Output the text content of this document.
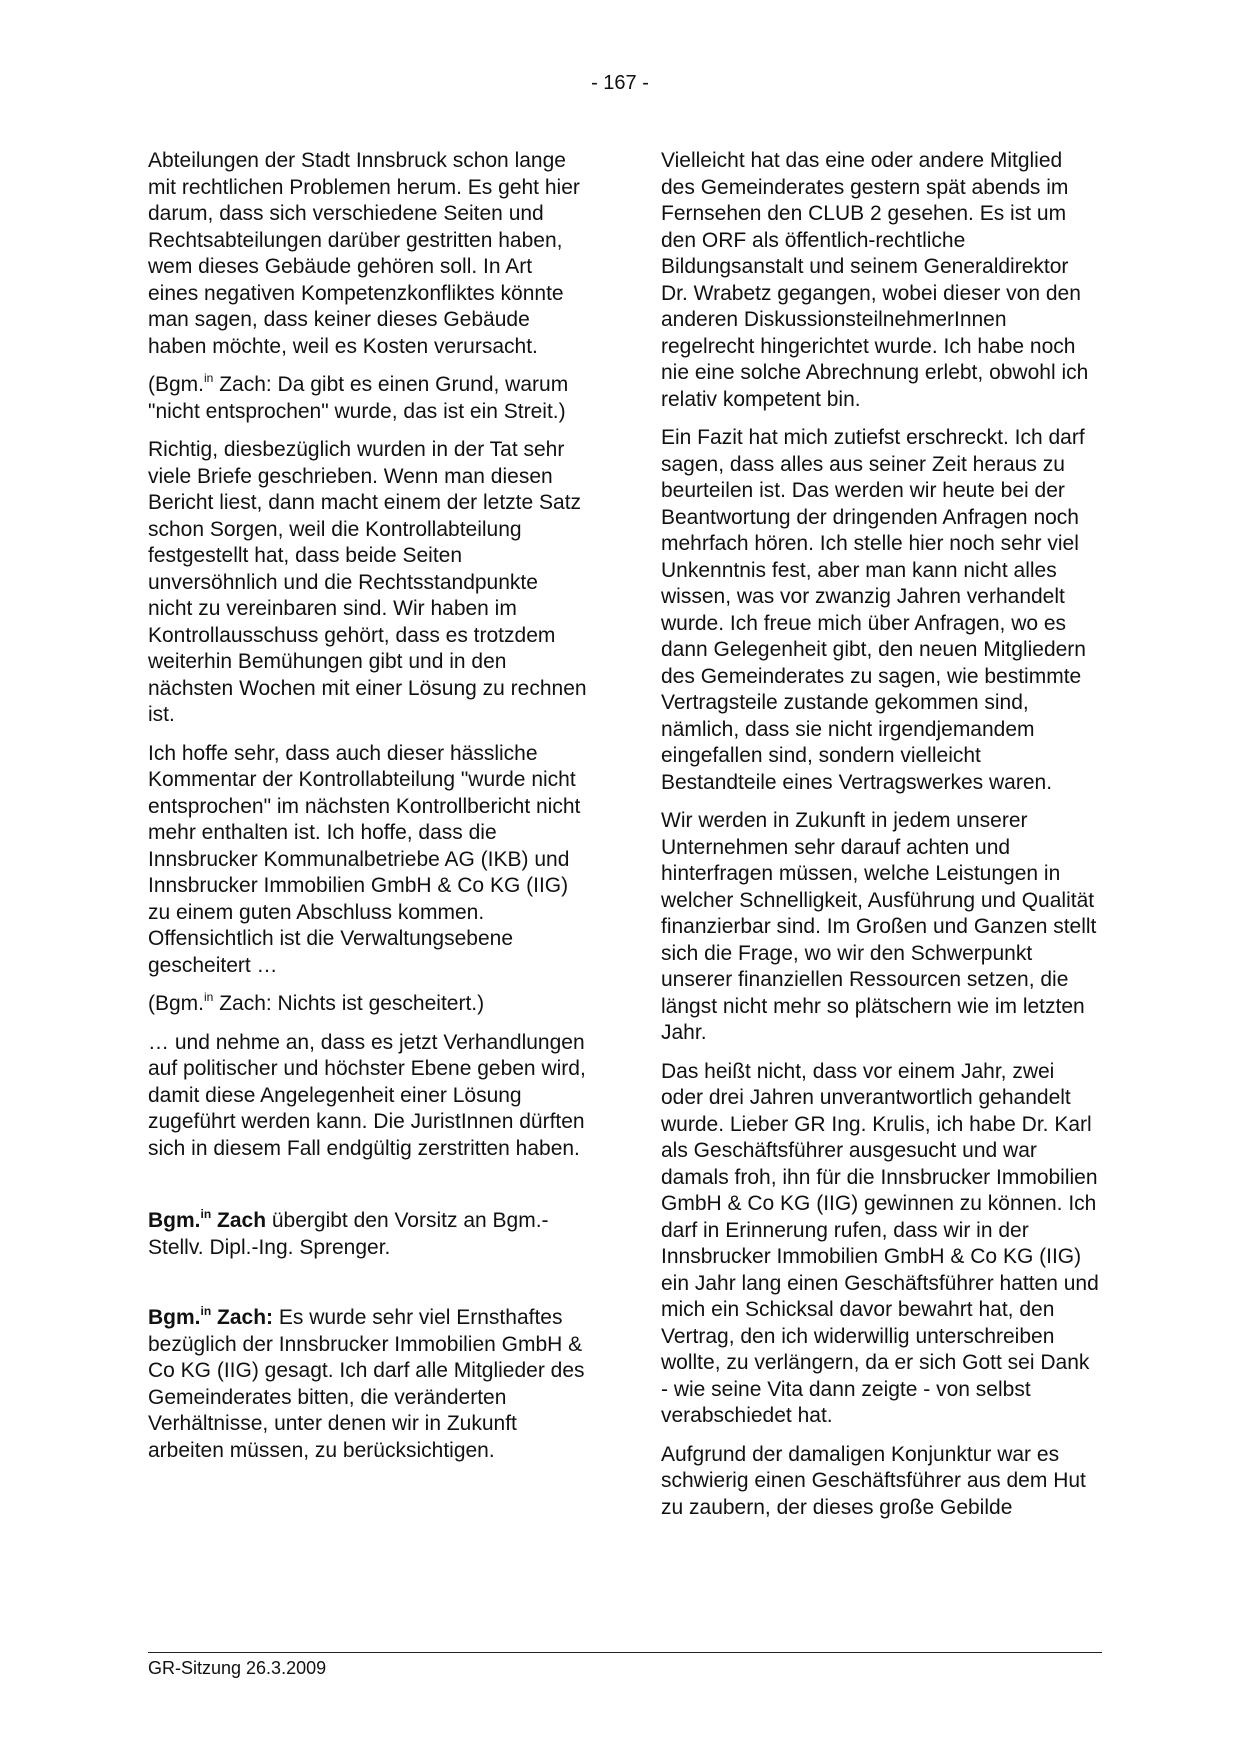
- 167 -

Abteilungen der Stadt Innsbruck schon lange mit rechtlichen Problemen herum. Es geht hier darum, dass sich verschiedene Seiten und Rechtsabteilungen darüber gestritten haben, wem dieses Gebäude gehören soll. In Art eines negativen Kompetenzkonfliktes könnte man sagen, dass keiner dieses Gebäude haben möchte, weil es Kosten verursacht.

(Bgm.$^{in}$ Zach: Da gibt es einen Grund, warum "nicht entsprochen" wurde, das ist ein Streit.)

Richtig, diesbezüglich wurden in der Tat sehr viele Briefe geschrieben. Wenn man diesen Bericht liest, dann macht einem der letzte Satz schon Sorgen, weil die Kontrollabteilung festgestellt hat, dass beide Seiten unversöhnlich und die Rechtsstandpunkte nicht zu vereinbaren sind. Wir haben im Kontrollausschuss gehört, dass es trotzdem weiterhin Bemühungen gibt und in den nächsten Wochen mit einer Lösung zu rechnen ist.

Ich hoffe sehr, dass auch dieser hässliche Kommentar der Kontrollabteilung "wurde nicht entsprochen" im nächsten Kontrollbericht nicht mehr enthalten ist. Ich hoffe, dass die Innsbrucker Kommunalbetriebe AG (IKB) und Innsbrucker Immobilien GmbH & Co KG (IIG) zu einem guten Abschluss kommen. Offensichtlich ist die Verwaltungsebene gescheitert …

(Bgm.$^{in}$ Zach: Nichts ist gescheitert.)

… und nehme an, dass es jetzt Verhandlungen auf politischer und höchster Ebene geben wird, damit diese Angelegenheit einer Lösung zugeführt werden kann. Die JuristInnen dürften sich in diesem Fall endgültig zerstritten haben.

Bgm.$^{in}$ Zach übergibt den Vorsitz an Bgm.-Stellv. Dipl.-Ing. Sprenger.

Bgm.$^{in}$ Zach: Es wurde sehr viel Ernsthaftes bezüglich der Innsbrucker Immobilien GmbH & Co KG (IIG) gesagt. Ich darf alle Mitglieder des Gemeinderates bitten, die veränderten Verhältnisse, unter denen wir in Zukunft arbeiten müssen, zu berücksichtigen.

Vielleicht hat das eine oder andere Mitglied des Gemeinderates gestern spät abends im Fernsehen den CLUB 2 gesehen. Es ist um den ORF als öffentlich-rechtliche Bildungsanstalt und seinem Generaldirektor Dr. Wrabetz gegangen, wobei dieser von den anderen DiskussionsteilnehmerInnen regelrecht hingerichtet wurde. Ich habe noch nie eine solche Abrechnung erlebt, obwohl ich relativ kompetent bin.

Ein Fazit hat mich zutiefst erschreckt. Ich darf sagen, dass alles aus seiner Zeit heraus zu beurteilen ist. Das werden wir heute bei der Beantwortung der dringenden Anfragen noch mehrfach hören. Ich stelle hier noch sehr viel Unkenntnis fest, aber man kann nicht alles wissen, was vor zwanzig Jahren verhandelt wurde. Ich freue mich über Anfragen, wo es dann Gelegenheit gibt, den neuen Mitgliedern des Gemeinderates zu sagen, wie bestimmte Vertragsteile zustande gekommen sind, nämlich, dass sie nicht irgendjemandem eingefallen sind, sondern vielleicht Bestandteile eines Vertragswerkes waren.

Wir werden in Zukunft in jedem unserer Unternehmen sehr darauf achten und hinterfragen müssen, welche Leistungen in welcher Schnelligkeit, Ausführung und Qualität finanzierbar sind. Im Großen und Ganzen stellt sich die Frage, wo wir den Schwerpunkt unserer finanziellen Ressourcen setzen, die längst nicht mehr so plätschern wie im letzten Jahr.

Das heißt nicht, dass vor einem Jahr, zwei oder drei Jahren unverantwortlich gehandelt wurde. Lieber GR Ing. Krulis, ich habe Dr. Karl als Geschäftsführer ausgesucht und war damals froh, ihn für die Innsbrucker Immobilien GmbH & Co KG (IIG) gewinnen zu können. Ich darf in Erinnerung rufen, dass wir in der Innsbrucker Immobilien GmbH & Co KG (IIG) ein Jahr lang einen Geschäftsführer hatten und mich ein Schicksal davor bewahrt hat, den Vertrag, den ich widerwillig unterschreiben wollte, zu verlängern, da er sich Gott sei Dank - wie seine Vita dann zeigte - von selbst verabschiedet hat.

Aufgrund der damaligen Konjunktur war es schwierig einen Geschäftsführer aus dem Hut zu zaubern, der dieses große Gebilde

GR-Sitzung 26.3.2009
